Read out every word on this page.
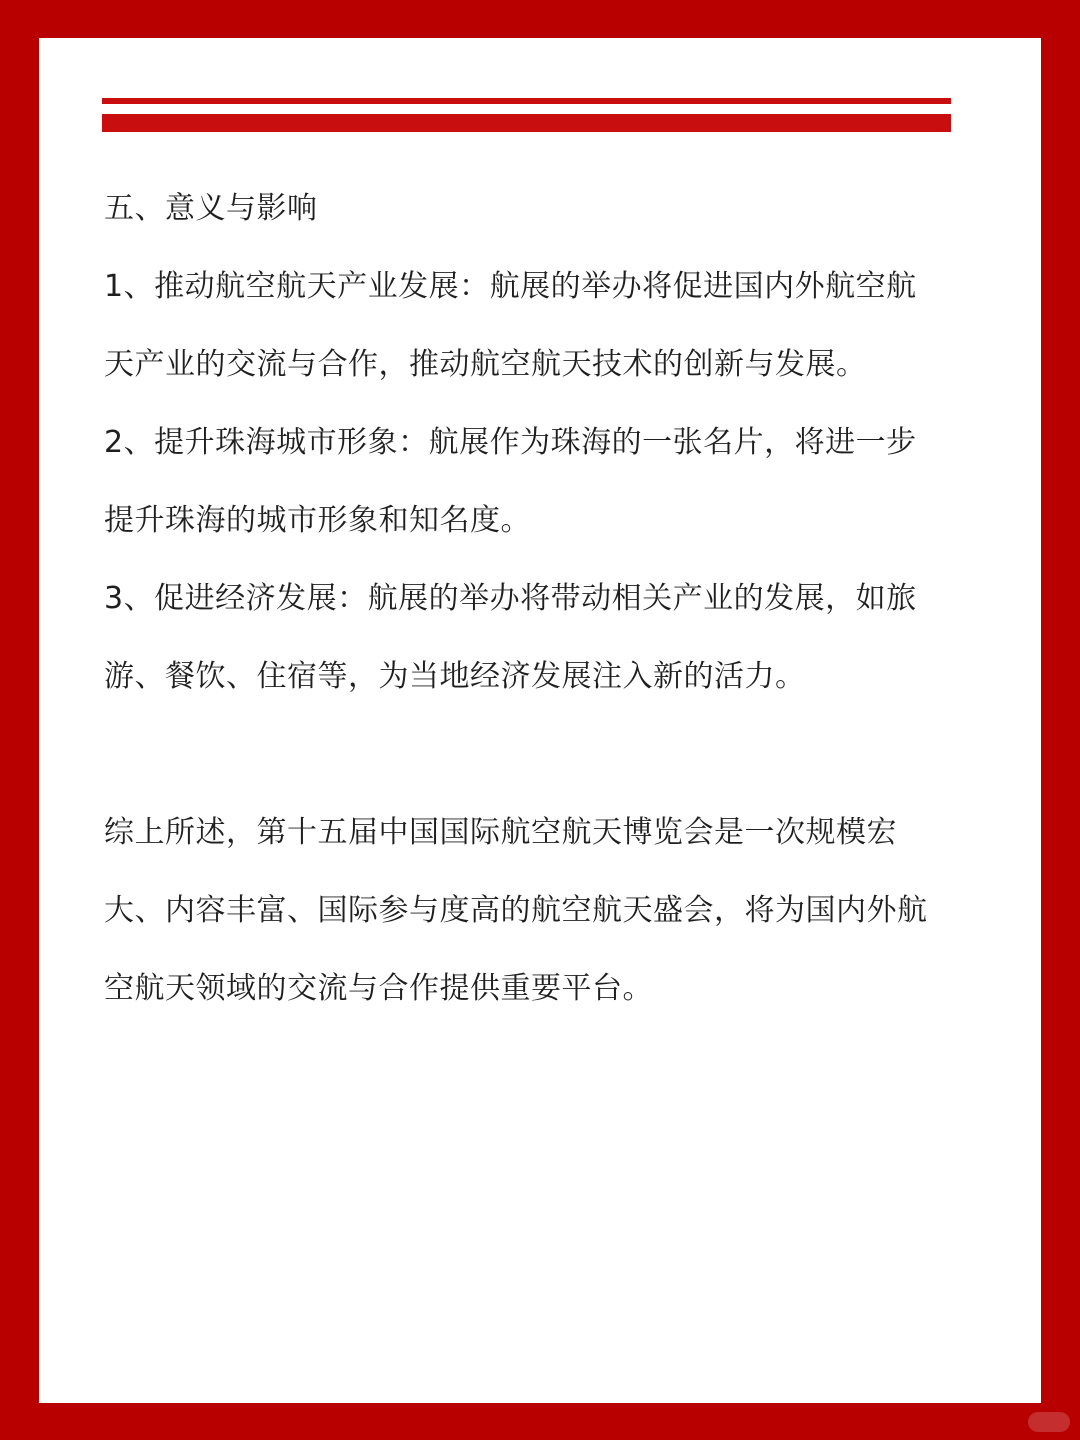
五、意义与影响

1、推动航空航天产业发展：航展的举办将促进国内外航空航

天产业的交流与合作，推动航空航天技术的创新与发展。

2、提升珠海城市形象：航展作为珠海的一张名片，将进一步

提升珠海的城市形象和知名度。

3、促进经济发展：航展的举办将带动相关产业的发展，如旅

游、餐饮、住宿等，为当地经济发展注入新的活力。

综上所述，第十五届中国国际航空航天博览会是一次规模宏

大、内容丰富、国际参与度高的航空航天盛会，将为国内外航

空航天领域的交流与合作提供重要平台。
